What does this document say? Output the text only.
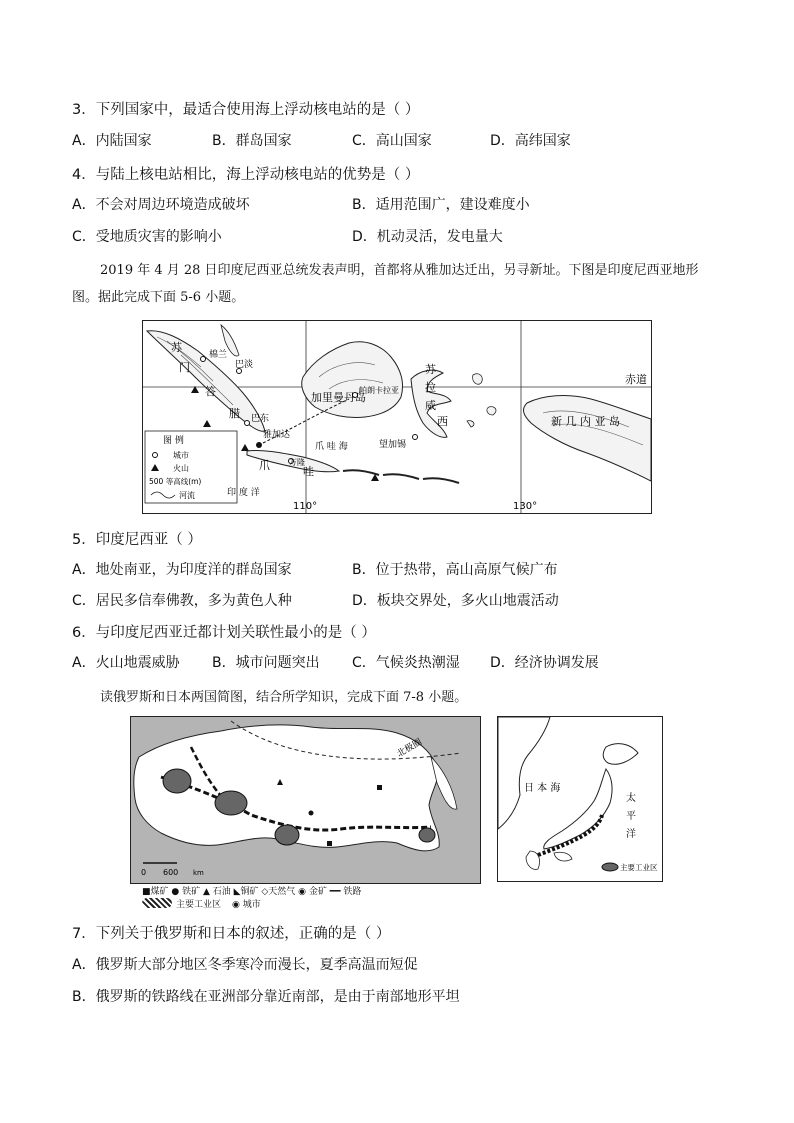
3．下列国家中，最适合使用海上浮动核电站的是（ ）
A．内陆国家	B．群岛国家	C．高山国家	D．高纬国家
4．与陆上核电站相比，海上浮动核电站的优势是（ ）
A．不会对周边环境造成破坏	B．适用范围广，建设难度小
C．受地质灾害的影响小	D．机动灵活，发电量大
2019 年 4 月 28 日印度尼西亚总统发表声明，首都将从雅加达迁出，另寻新址。下图是印度尼西亚地形
图。据此完成下面 5-6 小题。
图 例
城市
火山
500 等高线(m)
河流
苏
门
答
腊
棉兰
巴淡
巴东
雅加达
加里曼丹岛
帕朗卡拉亚
苏
拉
威
西
望加锡
爪 哇 海
爪	哇
万隆
新 几 内 亚 岛
赤道
印 度 洋
110°	130°
5．印度尼西亚（ ）
A．地处南亚，为印度洋的群岛国家	B．位于热带，高山高原气候广布
C．居民多信奉佛教，多为黄色人种	D．板块交界处，多火山地震活动
6．与印度尼西亚迁都计划关联性最小的是（ ）
A．火山地震威胁 B．城市问题突出 C．气候炎热潮湿 D．经济协调发展
读俄罗斯和日本两国简图，结合所学知识，完成下面 7-8 小题。
北极圈
0 600 km
■煤矿 ● 铁矿 ▲ 石油 ◣铜矿 ◇天然气 ◉ 金矿 ━━ 铁路
主要工业区 ◉ 城市
日 本 海
太
平
洋
主要工业区
7．下列关于俄罗斯和日本的叙述，正确的是（ ）
A．俄罗斯大部分地区冬季寒冷而漫长，夏季高温而短促
B．俄罗斯的铁路线在亚洲部分靠近南部，是由于南部地形平坦
